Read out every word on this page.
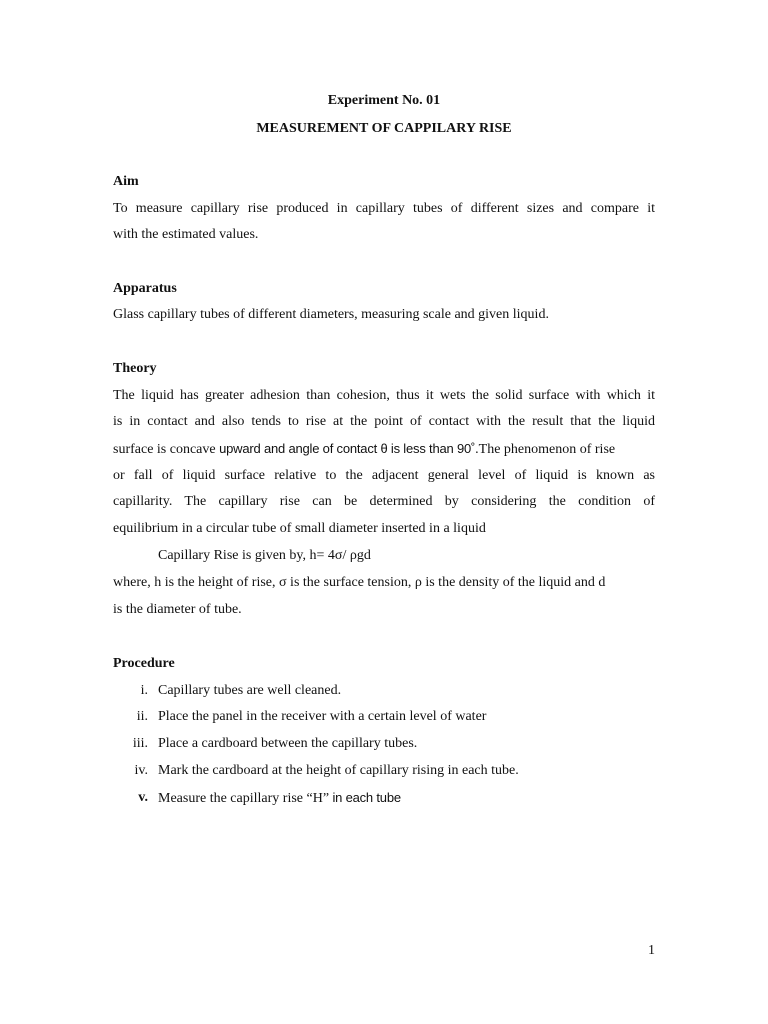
Experiment No. 01
MEASUREMENT OF CAPPILARY RISE
Aim
To measure capillary rise produced in capillary tubes of different sizes and compare it
with the estimated values.
Apparatus
Glass capillary tubes of different diameters, measuring scale and given liquid.
Theory
The liquid has greater adhesion than cohesion, thus it wets the solid surface with which it
is in contact and also tends to rise at the point of contact with the result that the liquid
surface is concave upward and angle of contact θ is less than 90˚.The phenomenon of rise
or fall of liquid surface relative to the adjacent general level of liquid is known as
capillarity. The capillary rise can be determined by considering the condition of
equilibrium in a circular tube of small diameter inserted in a liquid
Capillary Rise is given by, h= 4σ/ ρgd
where, h is the height of rise, σ is the surface tension, ρ is the density of the liquid and d
is the diameter of tube.
Procedure
i. Capillary tubes are well cleaned.
ii. Place the panel in the receiver with a certain level of water
iii. Place a cardboard between the capillary tubes.
iv. Mark the cardboard at the height of capillary rising in each tube.
v. Measure the capillary rise “H” in each tube
1
